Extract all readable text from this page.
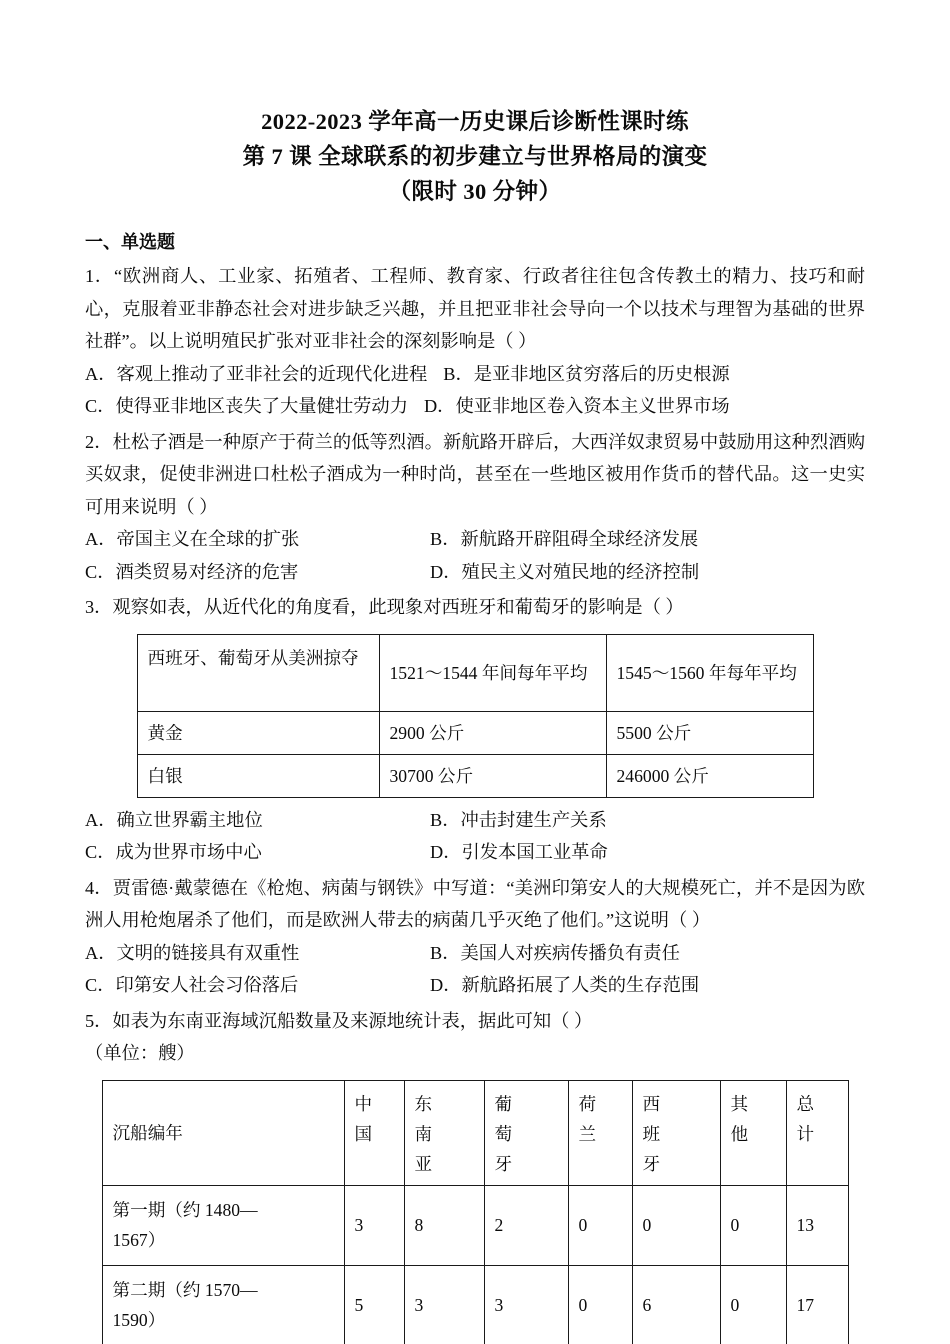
2022-2023 学年高一历史课后诊断性课时练
第 7 课 全球联系的初步建立与世界格局的演变
（限时 30 分钟）
一、单选题
1．“欧洲商人、工业家、拓殖者、工程师、教育家、行政者往往包含传教土的精力、技巧和耐心，克服着亚非静态社会对进步缺乏兴趣，并且把亚非社会导向一个以技术与理智为基础的世界社群”。以上说明殖民扩张对亚非社会的深刻影响是（ ）
A．客观上推动了亚非社会的近现代化进程 B．是亚非地区贫穷落后的历史根源
C．使得亚非地区丧失了大量健壮劳动力 D．使亚非地区卷入资本主义世界市场
2．杜松子酒是一种原产于荷兰的低等烈酒。新航路开辟后，大西洋奴隶贸易中鼓励用这种烈酒购买奴隶，促使非洲进口杜松子酒成为一种时尚，甚至在一些地区被用作货币的替代品。这一史实可用来说明（ ）
A．帝国主义在全球的扩张	B．新航路开辟阻碍全球经济发展
C．酒类贸易对经济的危害	D．殖民主义对殖民地的经济控制
3．观察如表，从近代化的角度看，此现象对西班牙和葡萄牙的影响是（ ）
西班牙、葡萄牙从美洲掠夺	1521～1544 年间每年平均	1545～1560 年每年平均
黄金	2900 公斤	5500 公斤
白银	30700 公斤	246000 公斤
A．确立世界霸主地位	B．冲击封建生产关系
C．成为世界市场中心	D．引发本国工业革命
4．贾雷德·戴蒙德在《枪炮、病菌与钢铁》中写道：“美洲印第安人的大规模死亡，并不是因为欧洲人用枪炮屠杀了他们，而是欧洲人带去的病菌几乎灭绝了他们。”这说明（ ）
A．文明的链接具有双重性	B．美国人对疾病传播负有责任
C．印第安人社会习俗落后	D．新航路拓展了人类的生存范围
5．如表为东南亚海域沉船数量及来源地统计表，据此可知（ ）
（单位：艘）
沉船编年	中国	东南亚	葡萄牙	荷兰	西班牙	其他	总计

第一期（约 1480—
1567）	3	8	2	0	0	0	13
第二期（约 1570—
1590）	5	3	3	0	6	0	17
